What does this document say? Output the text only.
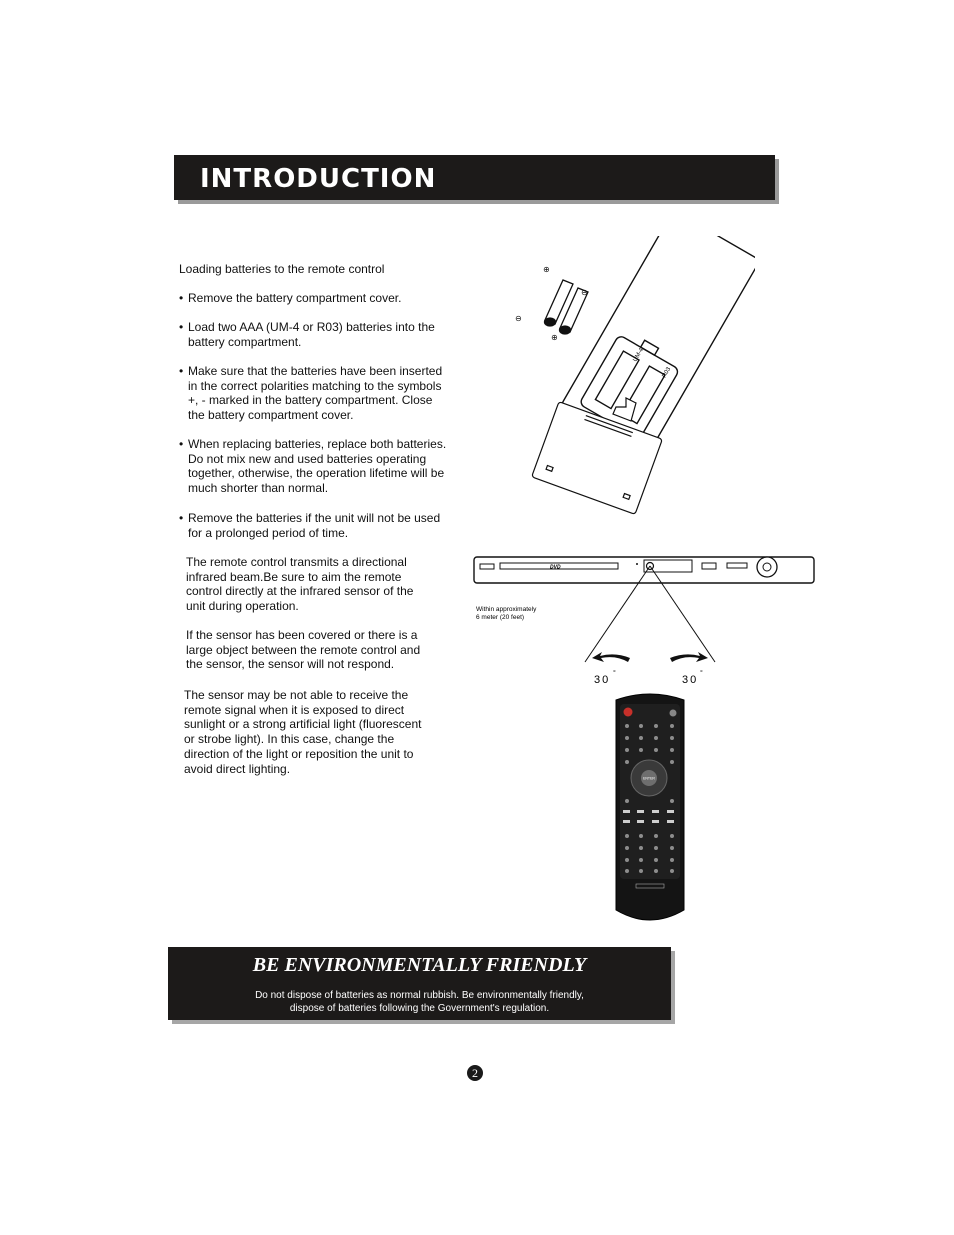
INTRODUCTION
Loading batteries to the remote control
• Remove the battery compartment cover.
• Load two AAA (UM-4 or R03) batteries into the battery compartment.
• Make sure that the batteries have been inserted in the correct polarities matching to the symbols +, - marked in the battery compartment. Close the battery compartment cover.
• When replacing batteries, replace both batteries. Do not mix new and used batteries operating together, otherwise, the operation lifetime will be much shorter than normal.
• Remove the batteries if the unit will not be used for a prolonged period of time.
The remote control transmits a directional infrared beam.Be sure to aim the remote control directly at the infrared sensor of the unit during operation.
If the sensor has been covered or there is a large object between the remote control and the sensor, the sensor will not respond.
The sensor may be not able to receive the remote signal when it is exposed to direct sunlight or a strong artificial light (fluorescent or strobe light). In this case, change the direction of the light or reposition the unit to avoid direct lighting.
UM-4
R03
⊕
⊖
⊖
⊕
DVD
Within approximately
6 meter (20 feet)
30
°
30
°
ENTER
BE ENVIRONMENTALLY FRIENDLY
Do not dispose of batteries as normal rubbish. Be environmentally friendly,
dispose of batteries following the Government's regulation.
2
